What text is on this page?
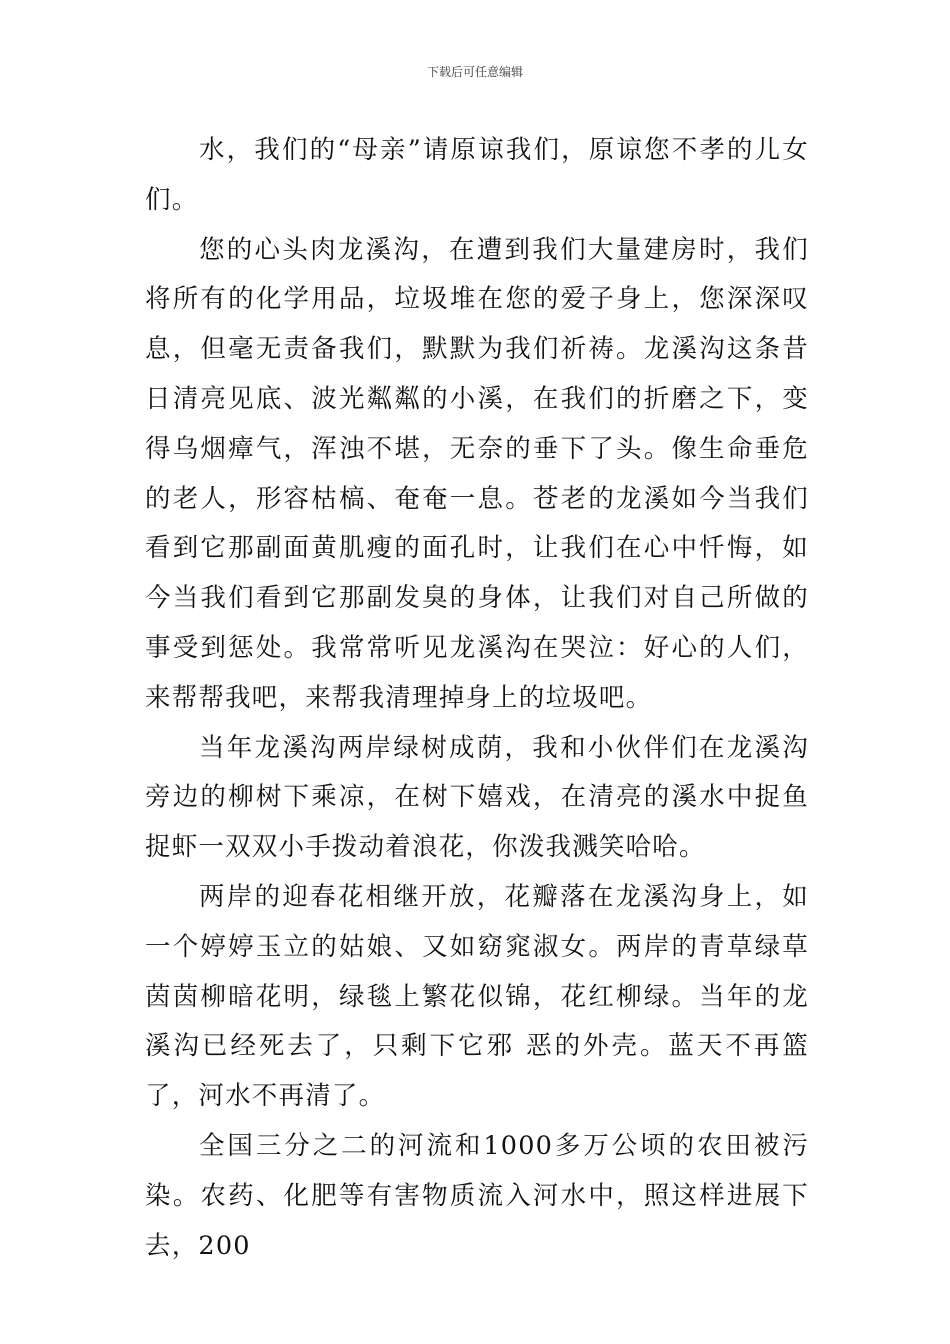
下载后可任意编辑

水，我们的“母亲”请原谅我们，原谅您不孝的儿女们。

您的心头肉龙溪沟，在遭到我们大量建房时，我们将所有的化学用品，垃圾堆在您的爱子身上，您深深叹息，但毫无责备我们，默默为我们祈祷。龙溪沟这条昔日清亮见底、波光粼粼的小溪，在我们的折磨之下，变得乌烟瘴气，浑浊不堪，无奈的垂下了头。像生命垂危的老人，形容枯槁、奄奄一息。苍老的龙溪如今当我们看到它那副面黄肌瘦的面孔时，让我们在心中忏悔，如今当我们看到它那副发臭的身体，让我们对自己所做的事受到惩处。我常常听见龙溪沟在哭泣：好心的人们，来帮帮我吧，来帮我清理掉身上的垃圾吧。

当年龙溪沟两岸绿树成荫，我和小伙伴们在龙溪沟旁边的柳树下乘凉，在树下嬉戏，在清亮的溪水中捉鱼捉虾一双双小手拨动着浪花，你泼我溅笑哈哈。

两岸的迎春花相继开放，花瓣落在龙溪沟身上，如一个婷婷玉立的姑娘、又如窈窕淑女。两岸的青草绿草茵茵柳暗花明，绿毯上繁花似锦，花红柳绿。当年的龙溪沟已经死去了，只剩下它邪 恶的外壳。蓝天不再篮了，河水不再清了。

全国三分之二的河流和1000多万公顷的农田被污染。农药、化肥等有害物质流入河水中，照这样进展下去，200
